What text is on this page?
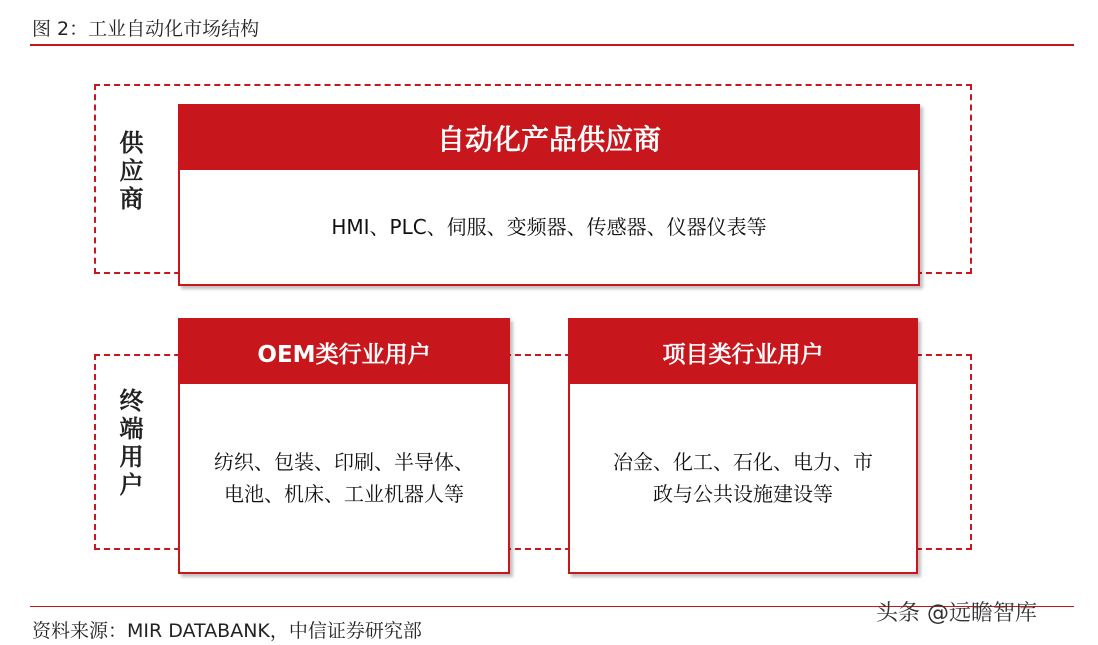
图 2：工业自动化市场结构
供应商
终端用户
自动化产品供应商
HMI、PLC、伺服、变频器、传感器、仪器仪表等
OEM类行业用户
纺织、包装、印刷、半导体、
电池、机床、工业机器人等
项目类行业用户
冶金、化工、石化、电力、市
政与公共设施建设等
资料来源：MIR DATABANK，中信证券研究部
头条 @远瞻智库
